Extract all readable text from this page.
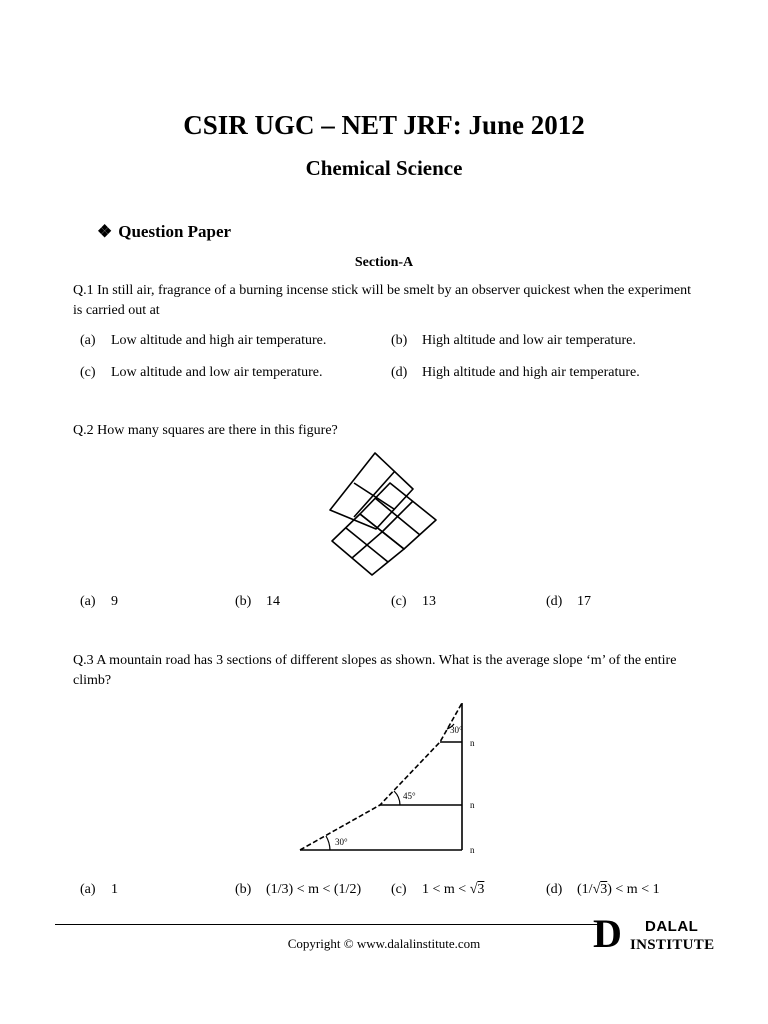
CSIR UGC – NET JRF: June 2012
Chemical Science
❖ Question Paper
Section-A
Q.1 In still air, fragrance of a burning incense stick will be smelt by an observer quickest when the experiment
is carried out at
(a) Low altitude and high air temperature.	(b) High altitude and low air temperature.
(c) Low altitude and low air temperature.	(d) High altitude and high air temperature.
Q.2 How many squares are there in this figure?
(a) 9	(b) 14	(c) 13	(d) 17
Q.3 A mountain road has 3 sections of different slopes as shown. What is the average slope ‘m’ of the entire
climb?
30°
45°
30°
n
n
n
(a) 1	(b) (1/3) < m < (1/2) (c) 1 < m < √3	(d) (1/√3) < m < 1
Copyright © www.dalalinstitute.com	D DALAL
INSTITUTE
